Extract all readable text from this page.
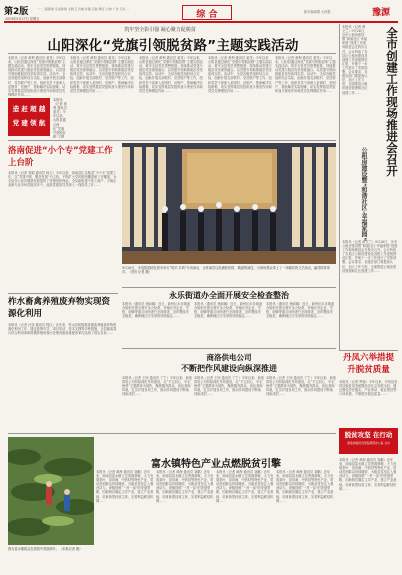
第2版	一 二版新闻 全省新闻 文教卫 县域·乡镇 百姓 理行·人物 广告 专栏 ...
2019年9月27日 星期五	综 合	新乡新闻网 大河报	豫源
筑牢坚全影引强 凝心聚力促脱贫
山阳深化“党旗引领脱贫路”主题实践活动
本报讯（记者 黄利 通讯员 姜龙）今年以来，山阳县通过深化“党旗引领脱贫路”主题实践活动，筑牢全县党员思想根基，持续推动党建与脱贫攻坚深度融合，以党建引领助推脱贫攻坚取得实效。活动中，全县各级党组织结合实际，创新开展支部联村、党员联户等工作，组织党员干部深入贫困村、贫困户，帮助解决实际困难，切实发挥基层党组织战斗堡垒作用和党员先锋模范作用……
造 赶 超 越
党 建 领 航
本报讯（记者 黄利 通讯员 姜龙）今年以来，山阳县通过深化“党旗引领脱贫路”主题
本报讯（记者 黄利 通讯员 姜龙）今年以来，山阳县通过深化“党旗引领脱贫路”主题实践活动，筑牢全县党员思想根基，持续推动党建与脱贫攻坚深度融合，以党建引领助推脱贫攻坚取得实效。活动中，全县各级党组织结合实际，创新开展支部联村、党员联户等工作，组织党员干部深入贫困村、贫困户，帮助解决实际困难，切实发挥基层党组织战斗堡垒作用和党员先锋模范作用……
本报讯（记者 黄利 通讯员 姜龙）今年以来，山阳县通过深化“党旗引领脱贫路”主题实践活动，筑牢全县党员思想根基，持续推动党建与脱贫攻坚深度融合，以党建引领助推脱贫攻坚取得实效。活动中，全县各级党组织结合实际，创新开展支部联村、党员联户等工作，组织党员干部深入贫困村、贫困户，帮助解决实际困难，切实发挥基层党组织战斗堡垒作用和党员先锋模范作用……
本报讯（记者 黄利 通讯员 姜龙）今年以来，山阳县通过深化“党旗引领脱贫路”主题实践活动，筑牢全县党员思想根基，持续推动党建与脱贫攻坚深度融合，以党建引领助推脱贫攻坚取得实效。活动中，全县各级党组织结合实际，创新开展支部联村、党员联户等工作，组织党员干部深入贫困村、贫困户，帮助解决实际困难，切实发挥基层党组织战斗堡垒作用和党员先锋模范作用……
本报讯（记者 黄利 通讯员 姜龙）今年以来，山阳县通过深化“党旗引领脱贫路”主题实践活动，筑牢全县党员思想根基，持续推动党建与脱贫攻坚深度融合，以党建引领助推脱贫攻坚取得实效。活动中，全县各级党组织结合实际，创新开展支部联村、党员联户等工作，组织党员干部深入贫困村、贫困户，帮助解决实际困难，切实发挥基层党组织战斗堡垒作用和党员先锋模范作用……
本报讯（记者 黄文兰）9月26日，全市公租房建设暨“和谐社区·幸福家园”创建工作现场推进会在我市召开。会议听取了各县区公租房建设及创建工作进展情况汇报，并就下一步工作进行了安排部署。会议要求，各级各部门要提高认识，加大工作力度，全面推进公租房建设管理和社区创建工作……	全市创建工作现场推进会召开
公租房建设暨“和谐社区·幸福家园”
本报讯（记者 黄文兰）9月26日，全市公租房建设暨“和谐社区·幸福家园”创建工作现场推进会在我市召开。会议听取了各县区公租房建设及创建工作进展情况汇报，并就下一步工作进行了安排部署。会议要求，各级各部门要提高认识，加大工作力度，全面推进公租房建设管理和社区创建工作……
洛南促进“小个专”党建工作上台阶
本报讯（记者 刘娟 通讯员 杨文）今年以来，洛南县扎实推进“小个专”党建工作，以“党建引领、服务发展”为主线，不断扩大党的组织覆盖和工作覆盖，为全县非公经济健康发展提供了坚强组织保证。全县新组建个体工商户、小微企业和专业市场党组织多个，选派党建指导员深入一线指导工作……
9月26日，市电影剧团在我市举行“筑牢·共鸣”专场演出，全体演员以饱满的热情、精湛的演技，为现场观众奉上了一场精彩的文艺演出，赢得阵阵掌声。（图片记者 摄）
柞水畜禽养殖废弃物实现资源化利用
本报讯（记者 汪伟 通讯员 程红）近年来，柞水县积极推进畜禽养殖废弃物资源化利用工作，通过政策引导、项目带动、技术支撑等多种措施，全县畜禽粪污综合利用率和规模养殖场粪污处理设施装备配套率均达到了规定目标……
永乐街道办全面开展安全检查整治
本报讯（通讯员 徐丽娜）近日，商州区永乐街道办组织开展全面安全大检查，对辖区内企业、学校、商铺等重点场所进行全面排查，及时整改安全隐患，确保辖区安全形势持续稳定……
本报讯（通讯员 徐丽娜）近日，商州区永乐街道办组织开展全面安全大检查，对辖区内企业、学校、商铺等重点场所进行全面排查，及时整改安全隐患，确保辖区安全形势持续稳定……
本报讯（通讯员 徐丽娜）近日，商州区永乐街道办组织开展全面安全大检查，对辖区内企业、学校、商铺等重点场所进行全面排查，及时整改安全隐患，确保辖区安全形势持续稳定……
丹凤六举措提升脱贫质量
本报讯（记者 罗晓）今年以来，丹凤县坚持以脱贫攻坚统揽经济社会发展全局，通过强化责任落实、产业带动、就业帮扶等六项举措，不断提升脱贫质量……
商洛供电公司
不断把作风建设向纵深推进
本报讯（记者 王欣 通讯员 丁宁）今年以来，商洛供电公司持续深化作风建设，以“不忘初心、牢记使命”主题教育为契机，聚焦服务群众、优化营商环境，扎实开展各项工作，推动作风建设不断取得新成效……
本报讯（记者 王欣 通讯员 丁宁）今年以来，商洛供电公司持续深化作风建设，以“不忘初心、牢记使命”主题教育为契机，聚焦服务群众、优化营商环境，扎实开展各项工作，推动作风建设不断取得新成效……
本报讯（记者 王欣 通讯员 丁宁）今年以来，商洛供电公司持续深化作风建设，以“不忘初心、牢记使命”主题教育为契机，聚焦服务群众、优化营商环境，扎实开展各项工作，推动作风建设不断取得新成效……
脱贫攻坚 在行动
商洛市脱贫攻坚指挥部办公室 合办
富水镇特色产业点燃脱贫引擎
图为富水镇群众在茶园中采摘茶叶。（本报记者 摄）
本报讯（记者 黄海 通讯员 刘鹏）近年来，商南县富水镇立足资源禀赋，大力发展茶叶、食用菌、中药材等特色产业，带动贫困群众持续增收，为脱贫攻坚注入强劲动力。该镇按照“一村一品”的发展思路，因地制宜确定主导产业，建立产业基地，培育新型经营主体，完善利益联结机制……
本报讯（记者 黄海 通讯员 刘鹏）近年来，商南县富水镇立足资源禀赋，大力发展茶叶、食用菌、中药材等特色产业，带动贫困群众持续增收，为脱贫攻坚注入强劲动力。该镇按照“一村一品”的发展思路，因地制宜确定主导产业，建立产业基地，培育新型经营主体，完善利益联结机制……
本报讯（记者 黄海 通讯员 刘鹏）近年来，商南县富水镇立足资源禀赋，大力发展茶叶、食用菌、中药材等特色产业，带动贫困群众持续增收，为脱贫攻坚注入强劲动力。该镇按照“一村一品”的发展思路，因地制宜确定主导产业，建立产业基地，培育新型经营主体，完善利益联结机制……
本报讯（记者 黄海 通讯员 刘鹏）近年来，商南县富水镇立足资源禀赋，大力发展茶叶、食用菌、中药材等特色产业，带动贫困群众持续增收，为脱贫攻坚注入强劲动力。该镇按照“一村一品”的发展思路，因地制宜确定主导产业，建立产业基地，培育新型经营主体，完善利益联结机制……
本报讯（记者 黄海 通讯员 刘鹏）近年来，商南县富水镇立足资源禀赋，大力发展茶叶、食用菌、中药材等特色产业，带动贫困群众持续增收，为脱贫攻坚注入强劲动力。该镇按照“一村一品”的发展思路，因地制宜确定主导产业，建立产业基地，培育新型经营主体，完善利益联结机制……
